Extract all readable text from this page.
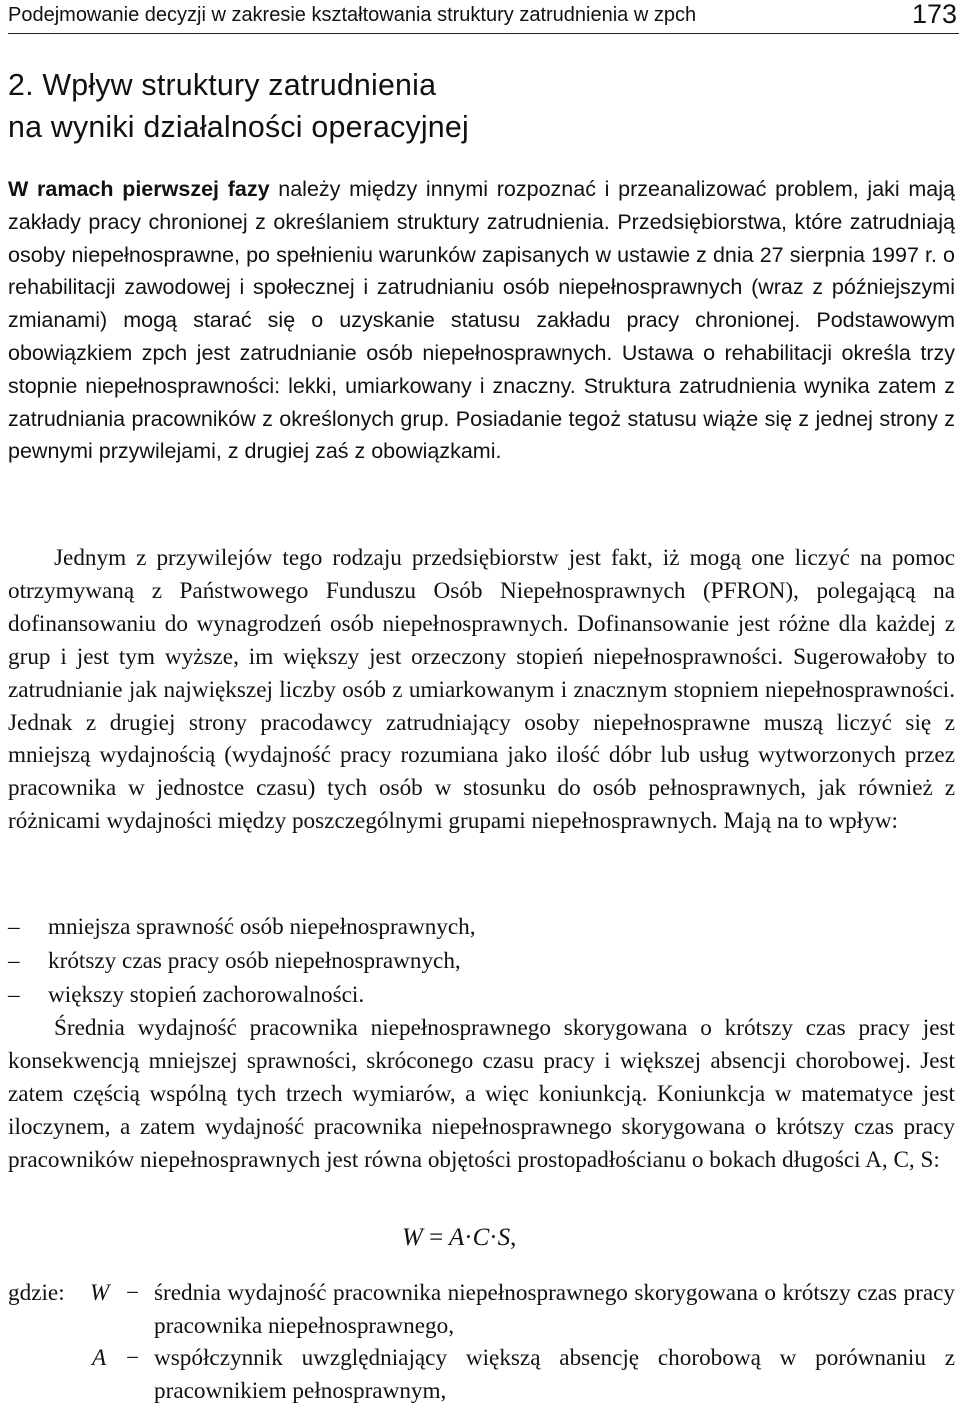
Podejmowanie decyzji w zakresie kształtowania struktury zatrudnienia w zpch	173
2. Wpływ struktury zatrudnienia
na wyniki działalności operacyjnej

W ramach pierwszej fazy należy między innymi rozpoznać i przeanalizować problem, jaki mają zakłady pracy chronionej z określaniem struktury zatrudnienia. Przedsiębiorstwa, które zatrudniają osoby niepełnosprawne, po spełnieniu warunków zapisanych w ustawie z dnia 27 sierpnia 1997 r. o rehabilitacji zawodowej i społecznej i zatrudnianiu osób niepełnosprawnych (wraz z późniejszymi zmianami) mogą starać się o uzyskanie statusu zakładu pracy chronionej. Podstawowym obowiązkiem zpch jest zatrudnianie osób niepełnosprawnych. Ustawa o rehabilitacji określa trzy stopnie niepełnosprawności: lekki, umiarkowany i znaczny. Struktura zatrudnienia wynika zatem z zatrudniania pracowników z określonych grup. Posiadanie tegoż statusu wiąże się z jednej strony z pewnymi przywilejami, z drugiej zaś z obowiązkami.

Jednym z przywilejów tego rodzaju przedsiębiorstw jest fakt, iż mogą one liczyć na pomoc otrzymywaną z Państwowego Funduszu Osób Niepełnosprawnych (PFRON), polegającą na dofinansowaniu do wynagrodzeń osób niepełnosprawnych. Dofinansowanie jest różne dla każdej z grup i jest tym wyższe, im większy jest orzeczony stopień niepełnosprawności. Sugerowałoby to zatrudnianie jak największej liczby osób z umiarkowanym i znacznym stopniem niepełnosprawności. Jednak z drugiej strony pracodawcy zatrudniający osoby niepełnosprawne muszą liczyć się z mniejszą wydajnością (wydajność pracy rozumiana jako ilość dóbr lub usług wytworzonych przez pracownika w jednostce czasu) tych osób w stosunku do osób pełnosprawnych, jak również z różnicami wydajności między poszczególnymi grupami niepełnosprawnych. Mają na to wpływ:

– mniejsza sprawność osób niepełnosprawnych,
– krótszy czas pracy osób niepełnosprawnych,
– większy stopień zachorowalności.

Średnia wydajność pracownika niepełnosprawnego skorygowana o krótszy czas pracy jest konsekwencją mniejszej sprawności, skróconego czasu pracy i większej absencji chorobowej. Jest zatem częścią wspólną tych trzech wymiarów, a więc koniunkcją. Koniunkcja w matematyce jest iloczynem, a zatem wydajność pracownika niepełnosprawnego skorygowana o krótszy czas pracy pracowników niepełnosprawnych jest równa objętości prostopadłościanu o bokach długości A, C, S:

W = A·C·S,
gdzie: W − średnia wydajność pracownika niepełnosprawnego skorygowana o krótszy czas pracy pracownika niepełnosprawnego,
A − współczynnik uwzględniający większą absencję chorobową w porównaniu z pracownikiem pełnosprawnym,
